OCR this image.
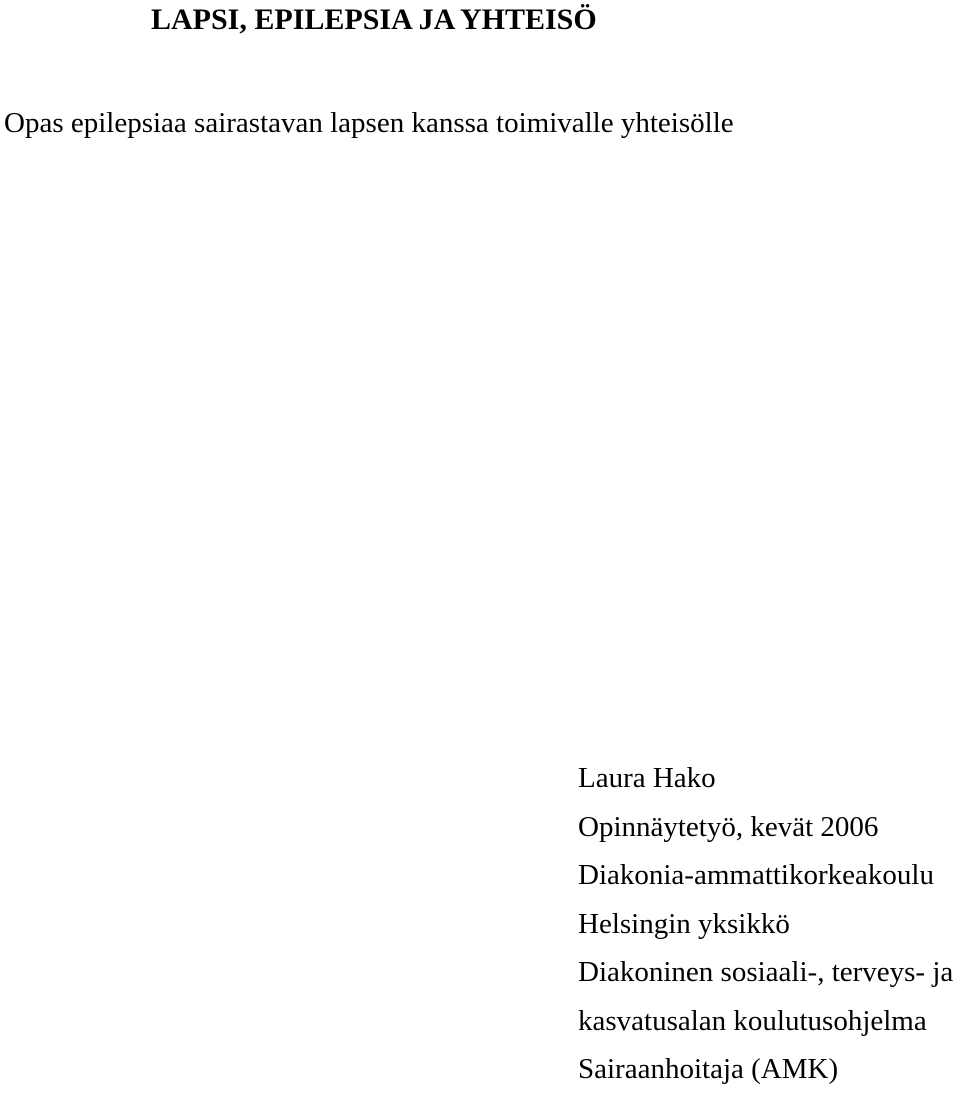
LAPSI, EPILEPSIA JA YHTEISÖ

Opas epilepsiaa sairastavan lapsen kanssa toimivalle yhteisölle

Laura Hako
Opinnäytetyö, kevät 2006
Diakonia-ammattikorkeakoulu
Helsingin yksikkö
Diakoninen sosiaali-, terveys- ja
kasvatusalan koulutusohjelma
Sairaanhoitaja (AMK)
